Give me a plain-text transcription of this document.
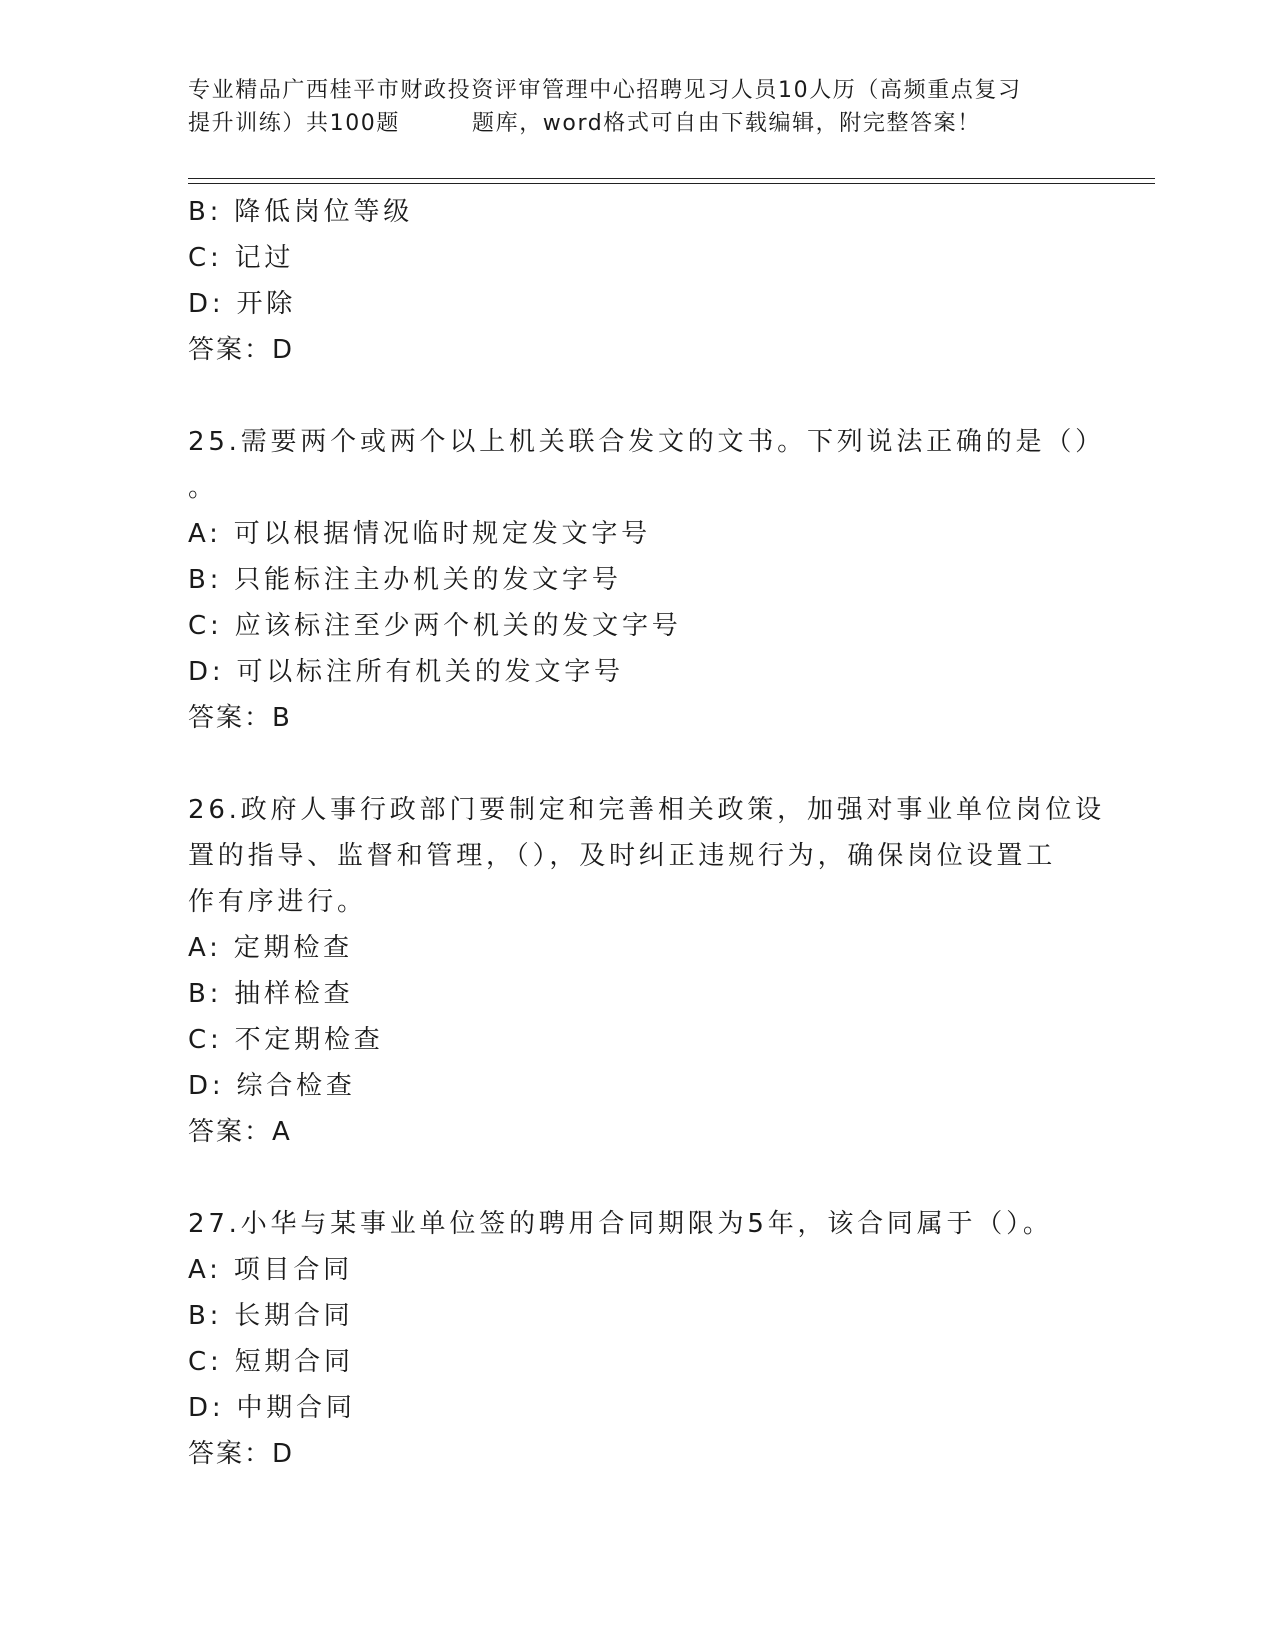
专业精品广西桂平市财政投资评审管理中心招聘见习人员10人历（高频重点复习
提升训练）共100题	题库，word格式可自由下载编辑，附完整答案！
B: 降低岗位等级
C: 记过
D: 开除
答案：D
25.需要两个或两个以上机关联合发文的文书。下列说法正确的是（）
。
A: 可以根据情况临时规定发文字号
B: 只能标注主办机关的发文字号
C: 应该标注至少两个机关的发文字号
D: 可以标注所有机关的发文字号
答案：B
26.政府人事行政部门要制定和完善相关政策，加强对事业单位岗位设
置的指导、监督和管理，（），及时纠正违规行为，确保岗位设置工
作有序进行。
A: 定期检查
B: 抽样检查
C: 不定期检查
D: 综合检查
答案：A
27.小华与某事业单位签的聘用合同期限为5年，该合同属于（）。
A: 项目合同
B: 长期合同
C: 短期合同
D: 中期合同
答案：D
